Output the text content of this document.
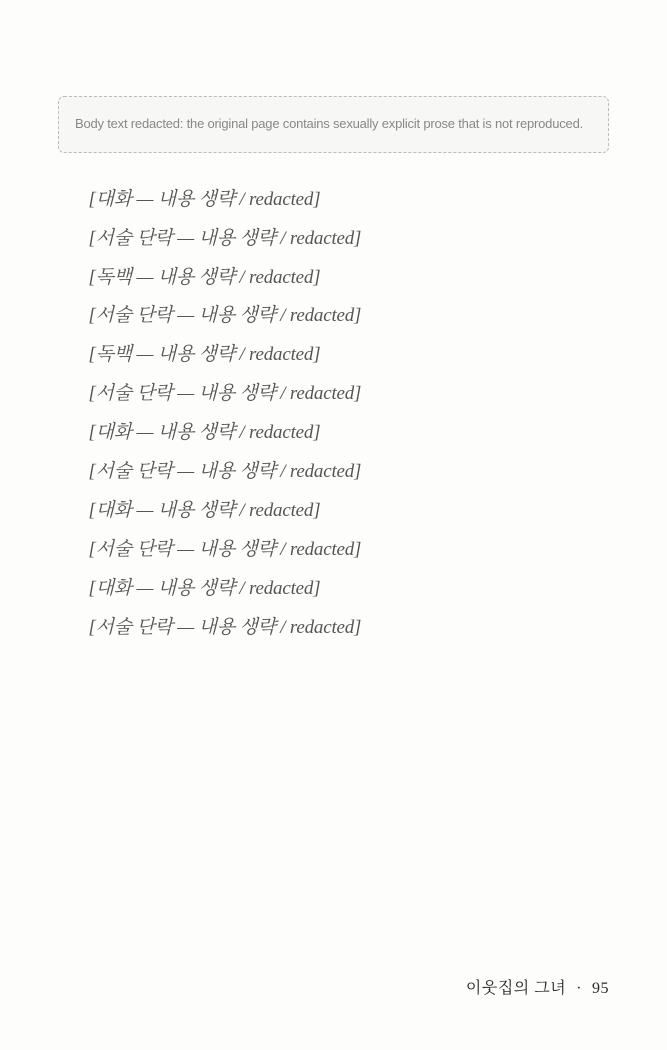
Body text redacted: the original page contains sexually explicit prose that is not reproduced.

[대화 — 내용 생략 / redacted]

[서술 단락 — 내용 생략 / redacted]

[독백 — 내용 생략 / redacted]

[서술 단락 — 내용 생략 / redacted]

[독백 — 내용 생략 / redacted]

[서술 단락 — 내용 생략 / redacted]

[대화 — 내용 생략 / redacted]

[서술 단락 — 내용 생략 / redacted]

[대화 — 내용 생략 / redacted]

[서술 단락 — 내용 생략 / redacted]

[대화 — 내용 생략 / redacted]

[서술 단락 — 내용 생략 / redacted]

이웃집의 그녀 · 95
